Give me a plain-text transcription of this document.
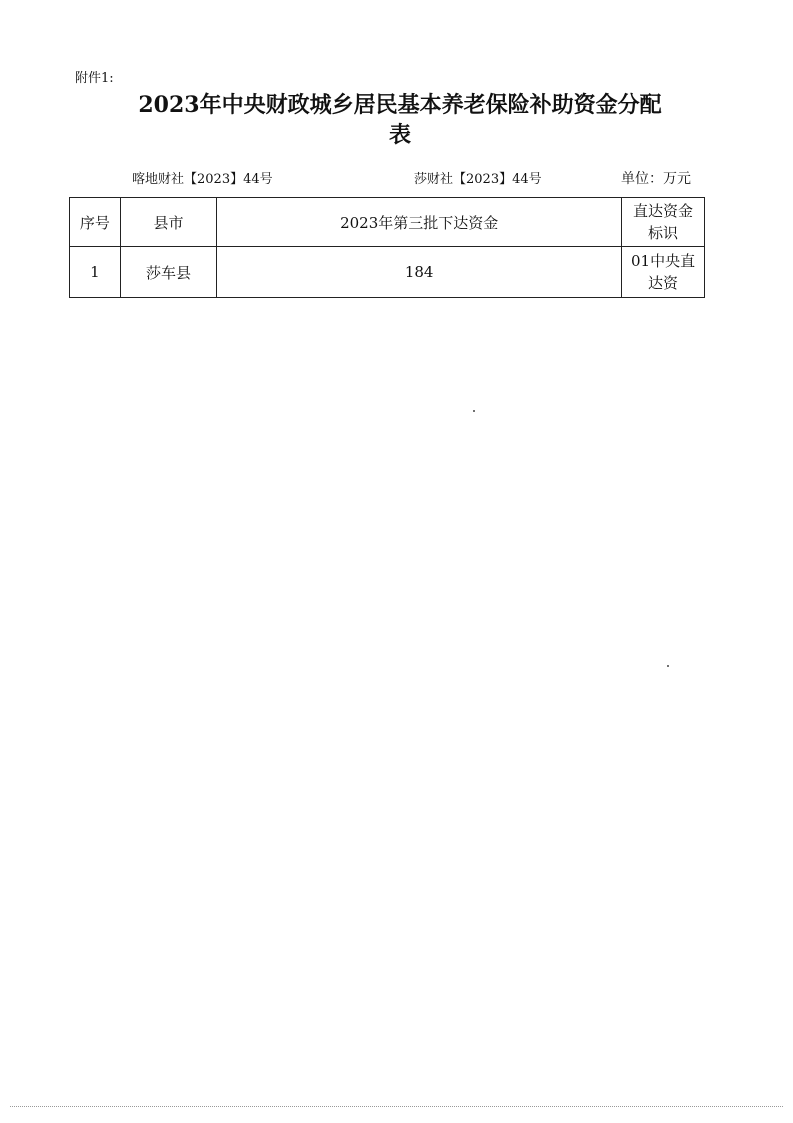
附件1:
2023年中央财政城乡居民基本养老保险补助资金分配
表
喀地财社【2023】44号	莎财社【2023】44号	单位：万元
序号	县市	2023年第三批下达资金	直达资金标识

1	莎车县	184	01中央直达资
